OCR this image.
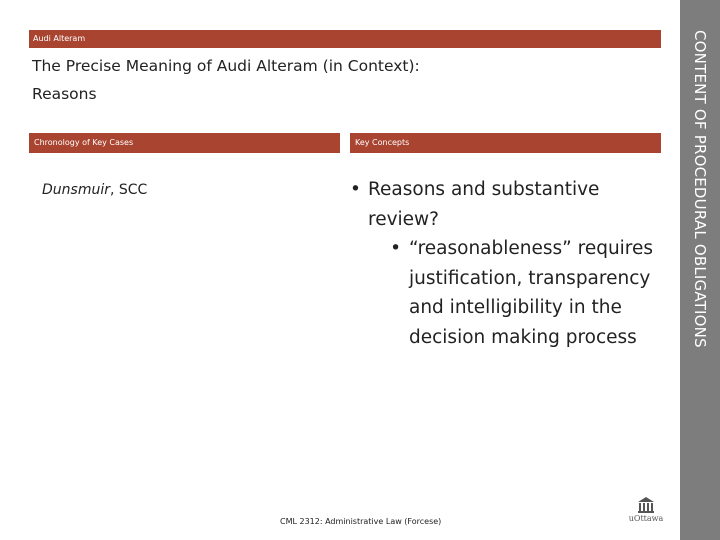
Audi Alteram
The Precise Meaning of Audi Alteram (in Context):
Reasons
Chronology of Key Cases	Key Concepts
Dunsmuir, SCC	• Reasons and substantive review?
• “reasonableness” requires justification, transparency and intelligibility in the decision making process
CML 2312: Administrative Law (Forcese)	uOttawa
CONTENT OF PROCEDURAL OBLIGATIONS
